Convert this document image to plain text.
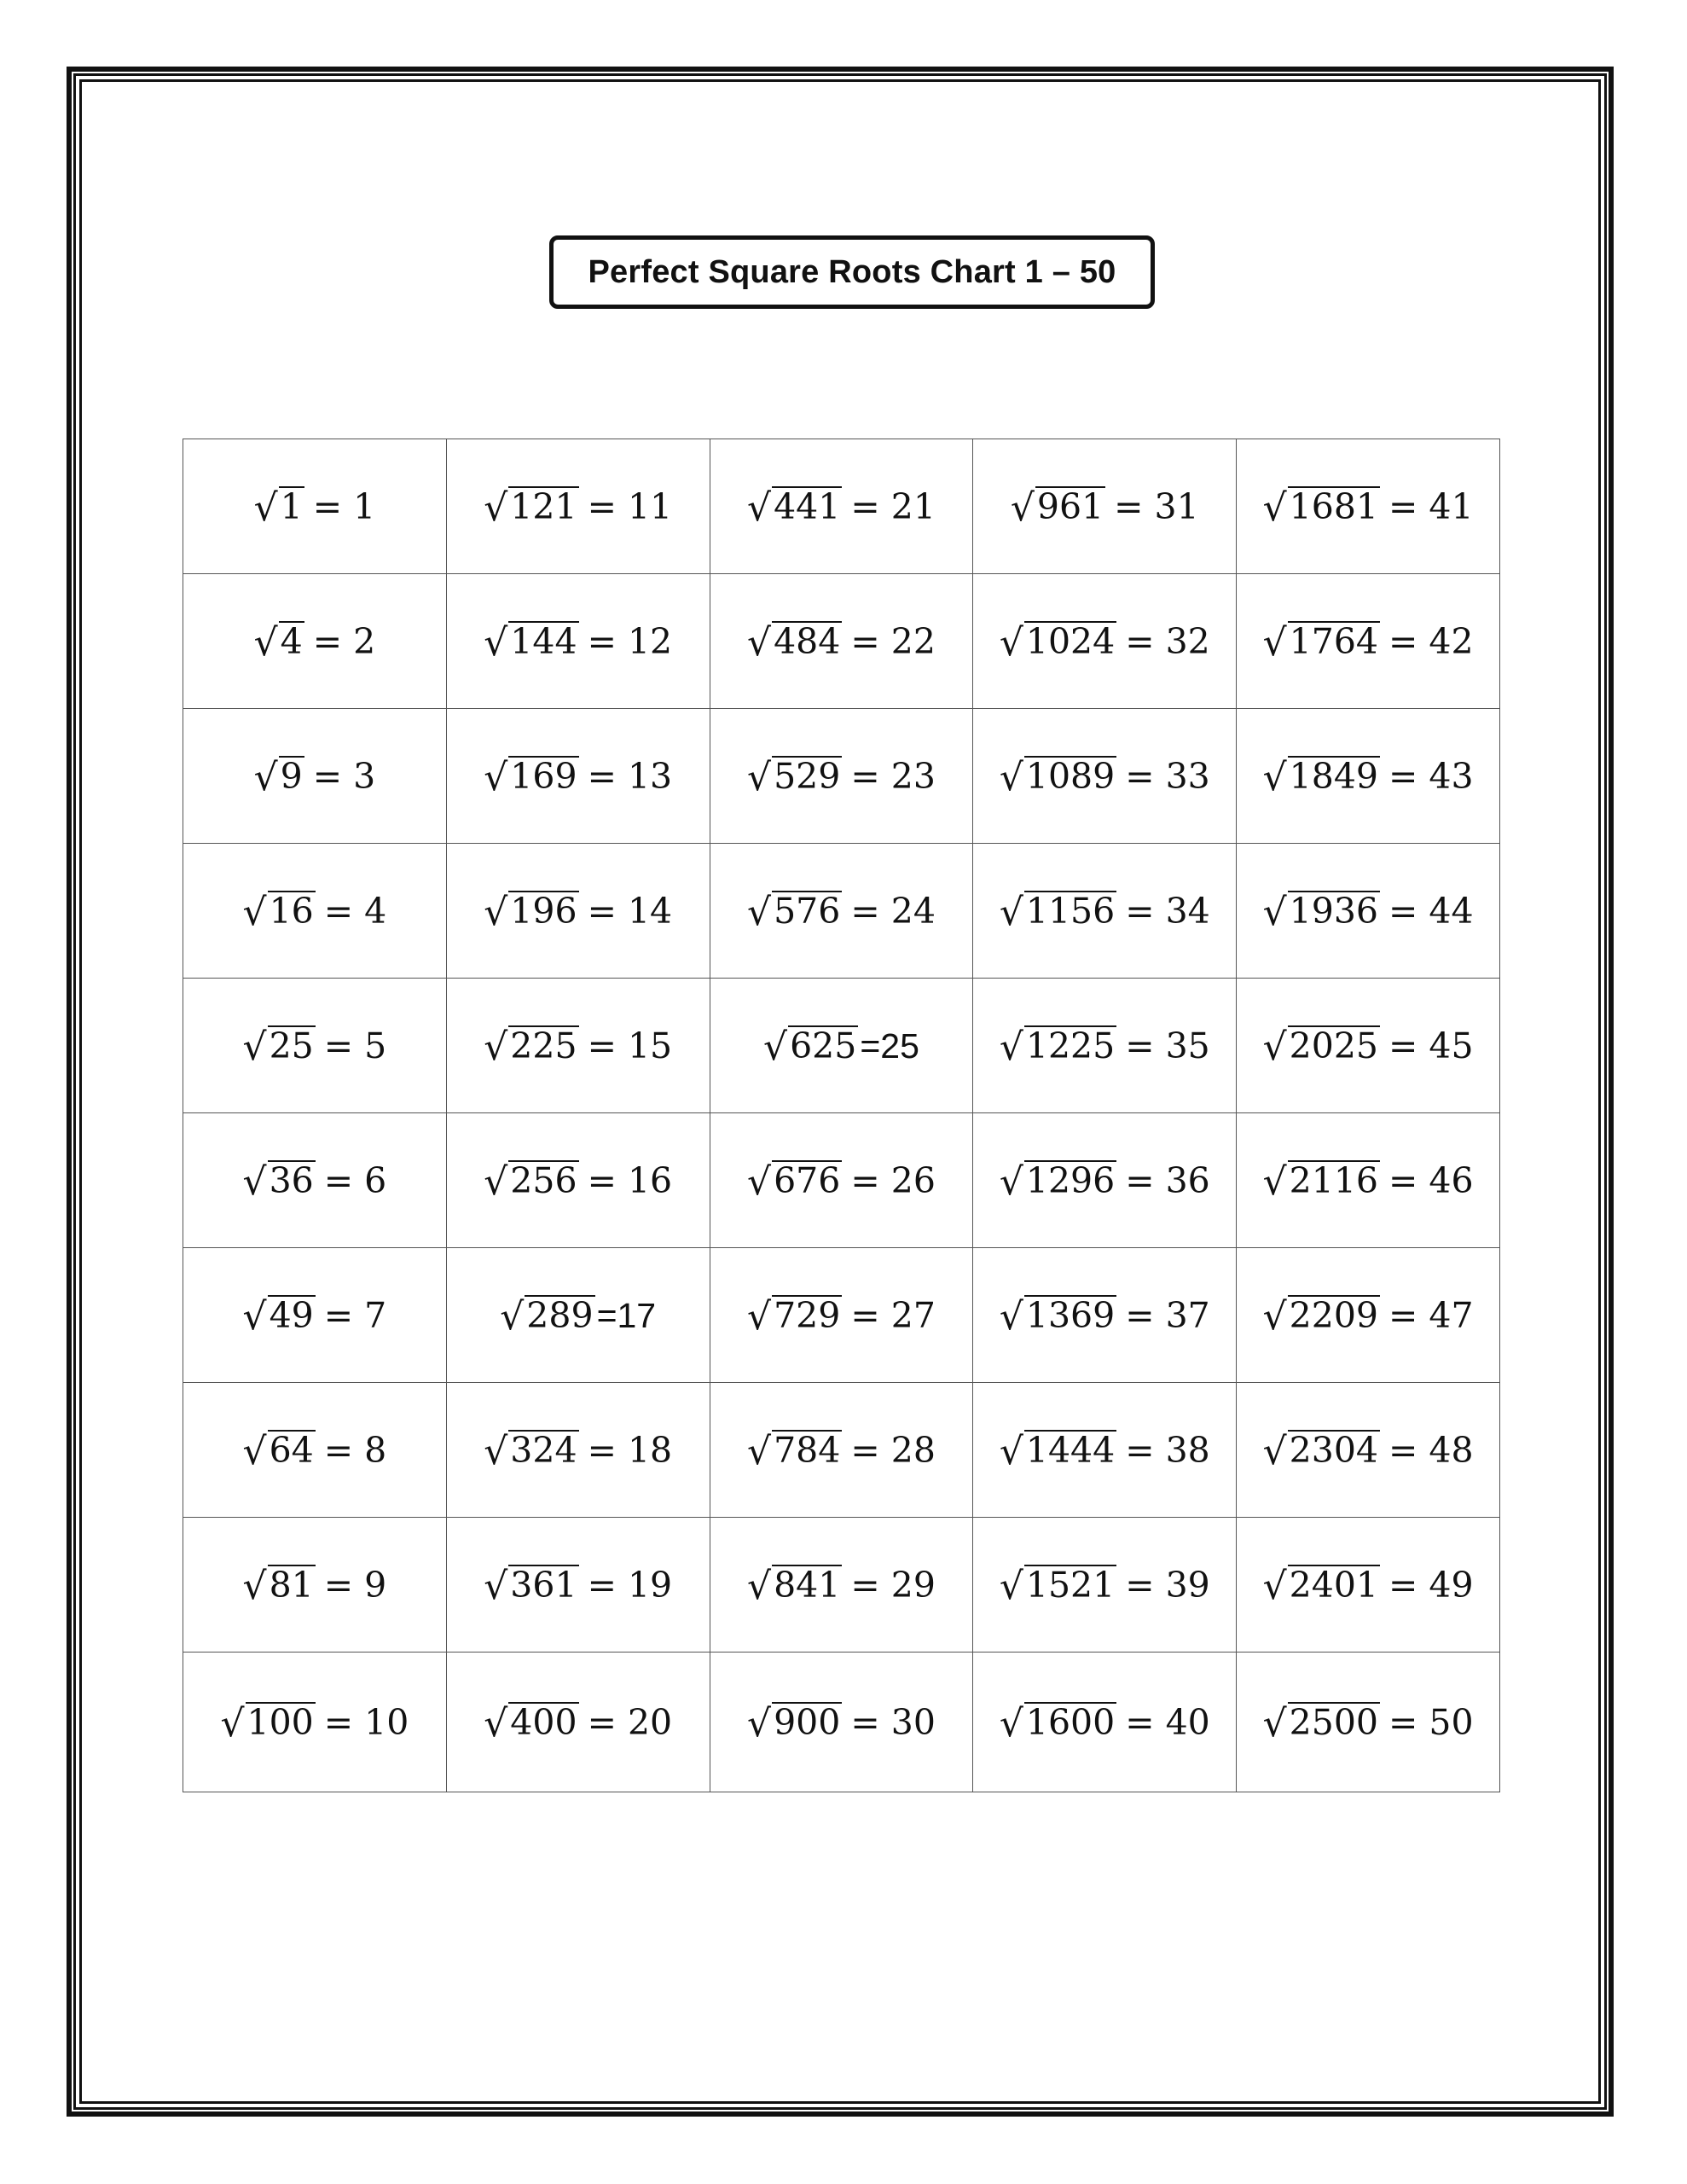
Perfect Square Roots Chart 1 – 50
√ 1 = 1	√ 121 = 11	√ 441 = 21	√ 961 = 31	√ 1681 = 41

√ 4 = 2	√ 144 = 12	√ 484 = 22	√ 1024 = 32	√ 1764 = 42

√ 9 = 3	√ 169 = 13	√ 529 = 23	√ 1089 = 33	√ 1849 = 43

√ 16 = 4	√ 196 = 14	√ 576 = 24	√ 1156 = 34	√ 1936 = 44

√ 25 = 5	√ 225 = 15	√ 625 =25	√ 1225 = 35	√ 2025 = 45

√ 36 = 6	√ 256 = 16	√ 676 = 26	√ 1296 = 36	√ 2116 = 46

√ 49 = 7	√ 289 =17	√ 729 = 27	√ 1369 = 37	√ 2209 = 47

√ 64 = 8	√ 324 = 18	√ 784 = 28	√ 1444 = 38	√ 2304 = 48

√ 81 = 9	√ 361 = 19	√ 841 = 29	√ 1521 = 39	√ 2401 = 49

√ 100 = 10	√ 400 = 20	√ 900 = 30	√ 1600 = 40	√ 2500 = 50
